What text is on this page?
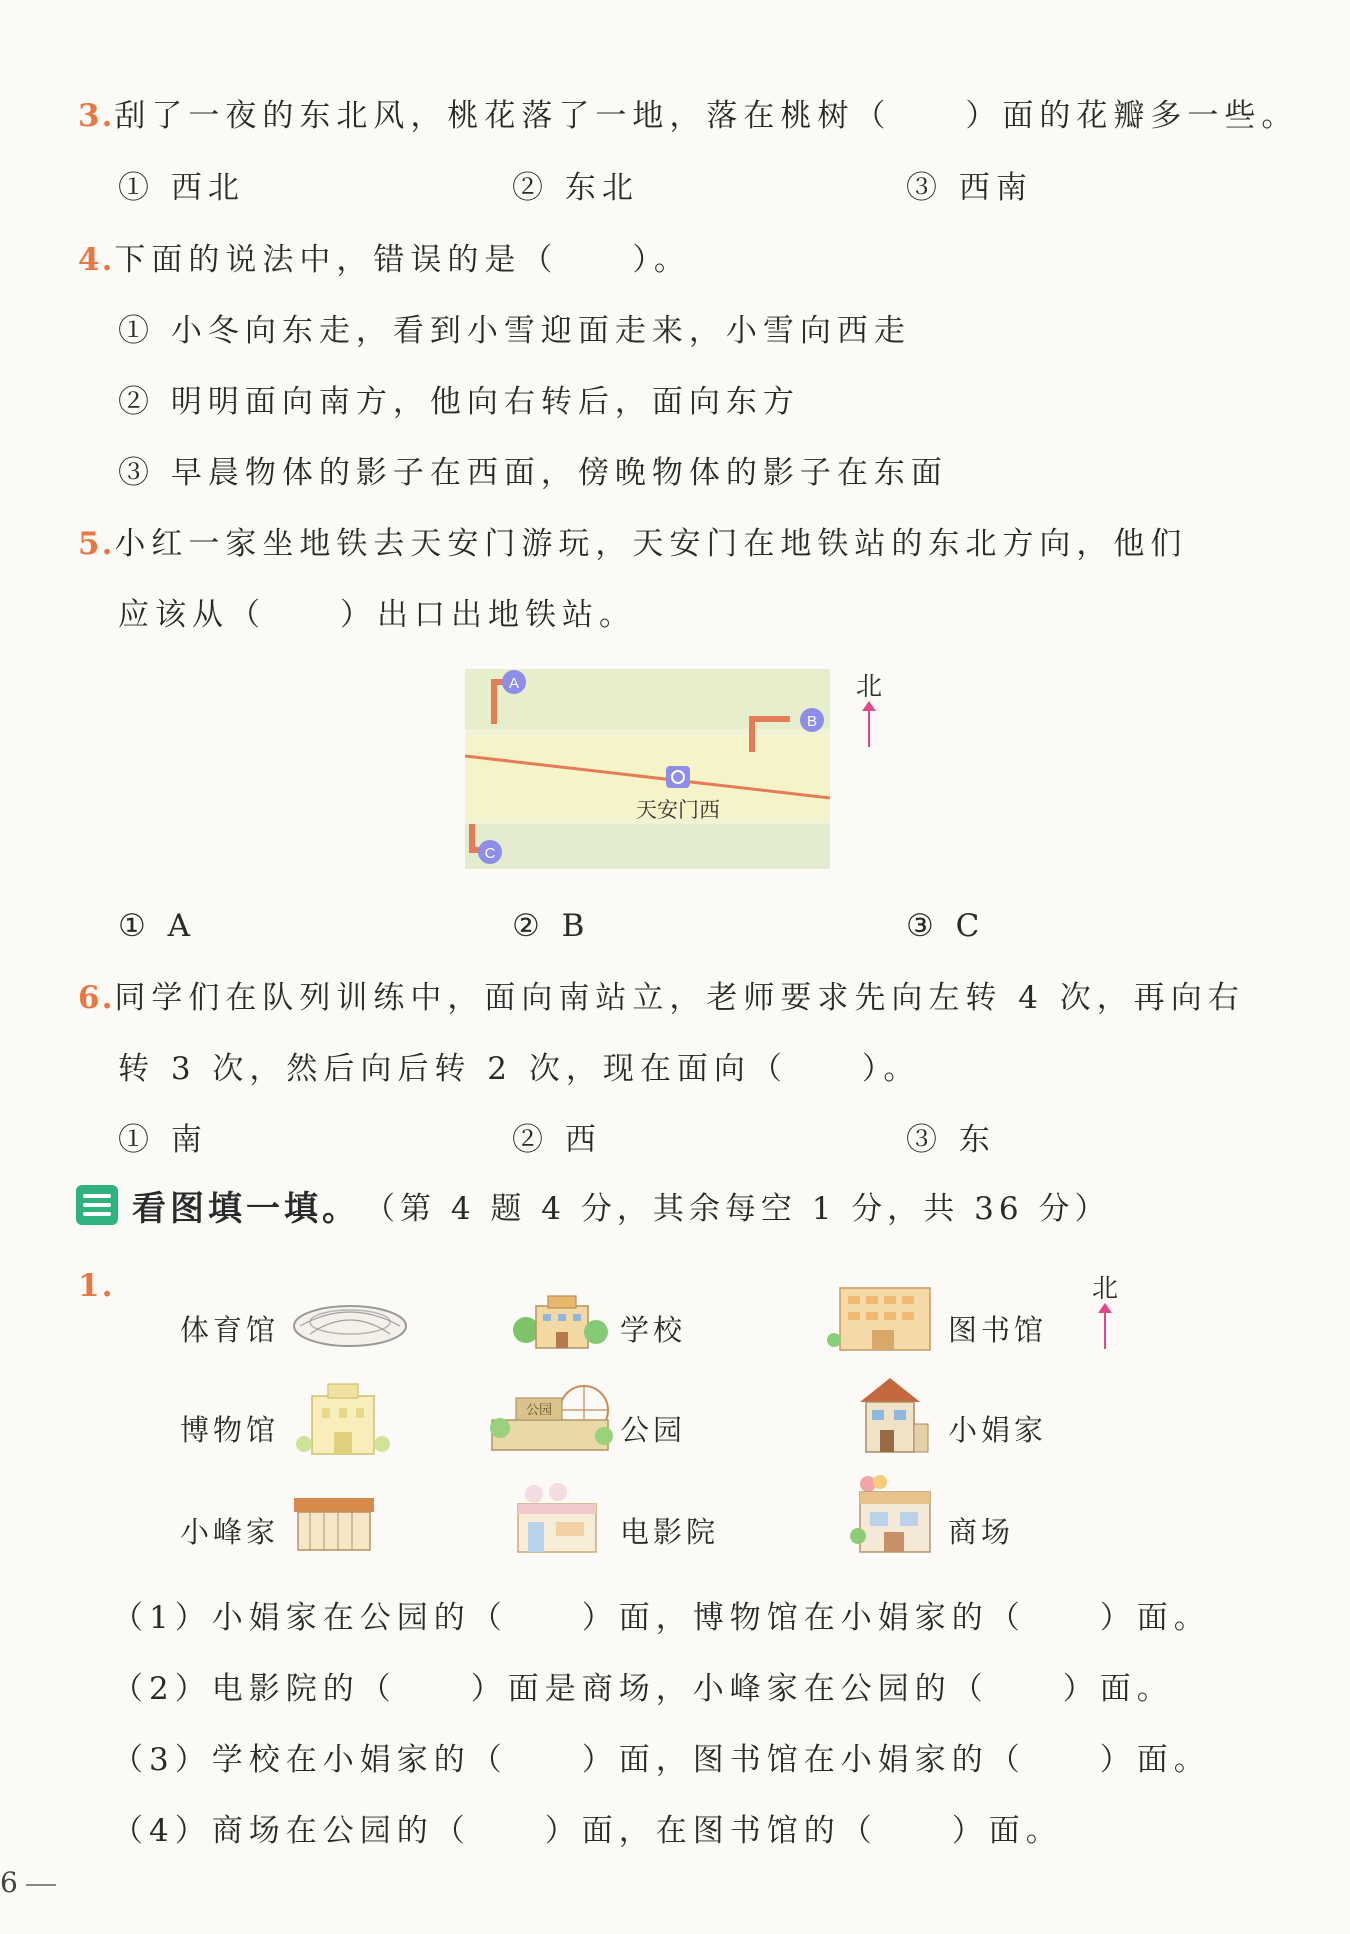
3.刮了一夜的东北风，桃花落了一地，落在桃树（　　）面的花瓣多一些。
① 西北	② 东北	③ 西南
4.下面的说法中，错误的是（　　）。
① 小冬向东走，看到小雪迎面走来，小雪向西走
② 明明面向南方，他向右转后，面向东方
③ 早晨物体的影子在西面，傍晚物体的影子在东面
5.小红一家坐地铁去天安门游玩，天安门在地铁站的东北方向，他们
应该从（　　）出口出地铁站。
A
B
C
天安门西
北
① A	② B	③ C
6.同学们在队列训练中，面向南站立，老师要求先向左转 4 次，再向右
转 3 次，然后向后转 2 次，现在面向（　　）。
① 南	② 西	③ 东
看图填一填。 （第 4 题 4 分，其余每空 1 分，共 36 分）
1.	北
体育馆	学校	图书馆
博物馆
公园
公园	小娟家
小峰家	电影院	商场
（1）小娟家在公园的（　　）面，博物馆在小娟家的（　　）面。
（2）电影院的（　　）面是商场，小峰家在公园的（　　）面。
（3）学校在小娟家的（　　）面，图书馆在小娟家的（　　）面。
（4）商场在公园的（　　）面，在图书馆的（　　）面。
6
